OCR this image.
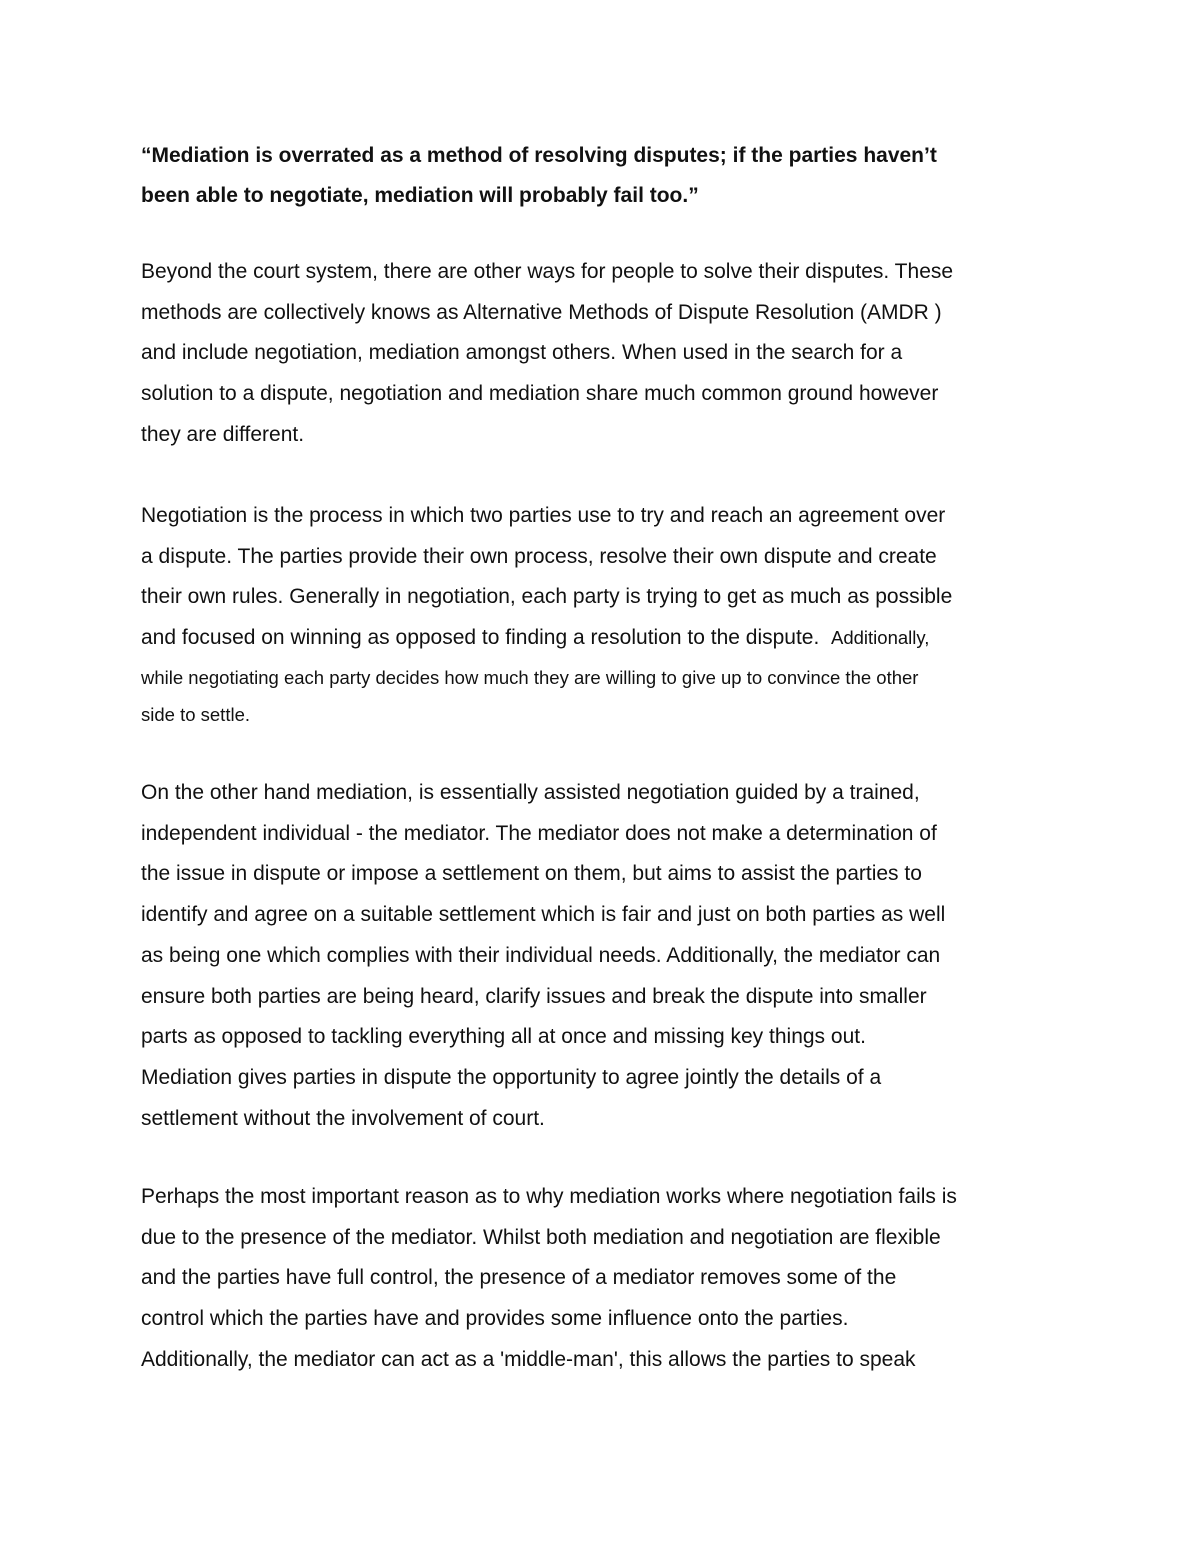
“Mediation is overrated as a method of resolving disputes; if the parties haven’t
been able to negotiate, mediation will probably fail too.”
Beyond the court system, there are other ways for people to solve their disputes. These
methods are collectively knows as Alternative Methods of Dispute Resolution (AMDR )
and include negotiation, mediation amongst others. When used in the search for a
solution to a dispute, negotiation and mediation share much common ground however
they are different.
Negotiation is the process in which two parties use to try and reach an agreement over
a dispute. The parties provide their own process, resolve their own dispute and create
their own rules. Generally in negotiation, each party is trying to get as much as possible
and focused on winning as opposed to finding a resolution to the dispute.  Additionally,
while negotiating each party decides how much they are willing to give up to convince the other
side to settle.
On the other hand mediation, is essentially assisted negotiation guided by a trained,
independent individual - the mediator. The mediator does not make a determination of
the issue in dispute or impose a settlement on them, but aims to assist the parties to
identify and agree on a suitable settlement which is fair and just on both parties as well
as being one which complies with their individual needs. Additionally, the mediator can
ensure both parties are being heard, clarify issues and break the dispute into smaller
parts as opposed to tackling everything all at once and missing key things out.
Mediation gives parties in dispute the opportunity to agree jointly the details of a
settlement without the involvement of court.
Perhaps the most important reason as to why mediation works where negotiation fails is
due to the presence of the mediator. Whilst both mediation and negotiation are flexible
and the parties have full control, the presence of a mediator removes some of the
control which the parties have and provides some influence onto the parties.
Additionally, the mediator can act as a 'middle-man', this allows the parties to speak
